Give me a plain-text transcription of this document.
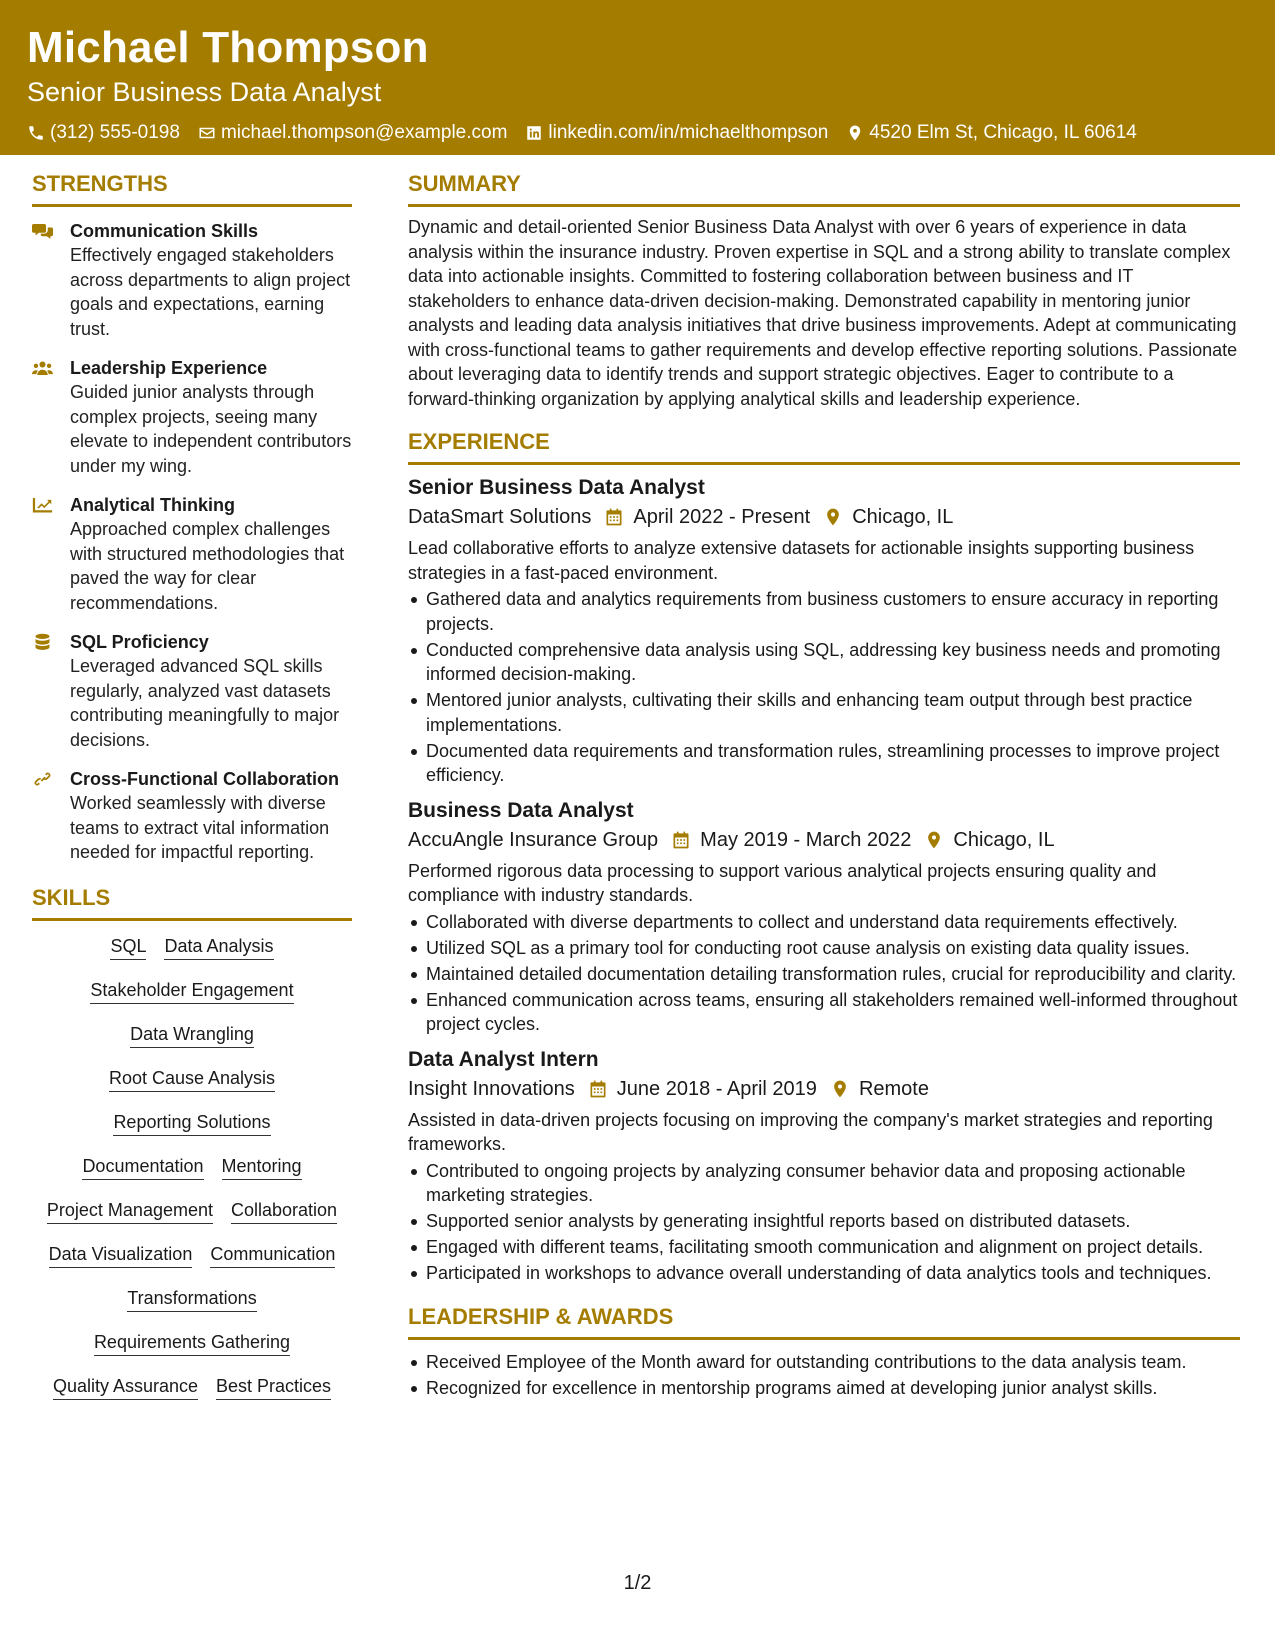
Michael Thompson
Senior Business Data Analyst
(312) 555-0198 michael.thompson@example.com linkedin.com/in/michaelthompson 4520 Elm St, Chicago, IL 60614
STRENGTHS
Communication Skills
Effectively engaged stakeholders across departments to align project goals and expectations, earning trust.
Leadership Experience
Guided junior analysts through complex projects, seeing many elevate to independent contributors under my wing.
Analytical Thinking
Approached complex challenges with structured methodologies that paved the way for clear recommendations.
SQL Proficiency
Leveraged advanced SQL skills regularly, analyzed vast datasets contributing meaningfully to major decisions.
Cross-Functional Collaboration
Worked seamlessly with diverse teams to extract vital information needed for impactful reporting.
SKILLS
SQL Data Analysis
Stakeholder Engagement
Data Wrangling
Root Cause Analysis
Reporting Solutions
Documentation Mentoring
Project Management Collaboration
Data Visualization Communication
Transformations
Requirements Gathering
Quality Assurance Best Practices
SUMMARY
Dynamic and detail-oriented Senior Business Data Analyst with over 6 years of experience in data analysis within the insurance industry. Proven expertise in SQL and a strong ability to translate complex data into actionable insights. Committed to fostering collaboration between business and IT stakeholders to enhance data-driven decision-making. Demonstrated capability in mentoring junior analysts and leading data analysis initiatives that drive business improvements. Adept at communicating with cross-functional teams to gather requirements and develop effective reporting solutions. Passionate about leveraging data to identify trends and support strategic objectives. Eager to contribute to a forward-thinking organization by applying analytical skills and leadership experience.
EXPERIENCE
Senior Business Data Analyst
DataSmart Solutions April 2022 - Present Chicago, IL
Lead collaborative efforts to analyze extensive datasets for actionable insights supporting business strategies in a fast-paced environment.
Gathered data and analytics requirements from business customers to ensure accuracy in reporting projects.
Conducted comprehensive data analysis using SQL, addressing key business needs and promoting informed decision-making.
Mentored junior analysts, cultivating their skills and enhancing team output through best practice implementations.
Documented data requirements and transformation rules, streamlining processes to improve project efficiency.
Business Data Analyst
AccuAngle Insurance Group May 2019 - March 2022 Chicago, IL
Performed rigorous data processing to support various analytical projects ensuring quality and compliance with industry standards.
Collaborated with diverse departments to collect and understand data requirements effectively.
Utilized SQL as a primary tool for conducting root cause analysis on existing data quality issues.
Maintained detailed documentation detailing transformation rules, crucial for reproducibility and clarity.
Enhanced communication across teams, ensuring all stakeholders remained well-informed throughout project cycles.
Data Analyst Intern
Insight Innovations June 2018 - April 2019 Remote
Assisted in data-driven projects focusing on improving the company's market strategies and reporting frameworks.
Contributed to ongoing projects by analyzing consumer behavior data and proposing actionable marketing strategies.
Supported senior analysts by generating insightful reports based on distributed datasets.
Engaged with different teams, facilitating smooth communication and alignment on project details.
Participated in workshops to advance overall understanding of data analytics tools and techniques.
LEADERSHIP & AWARDS
Received Employee of the Month award for outstanding contributions to the data analysis team.
Recognized for excellence in mentorship programs aimed at developing junior analyst skills.
1/2
